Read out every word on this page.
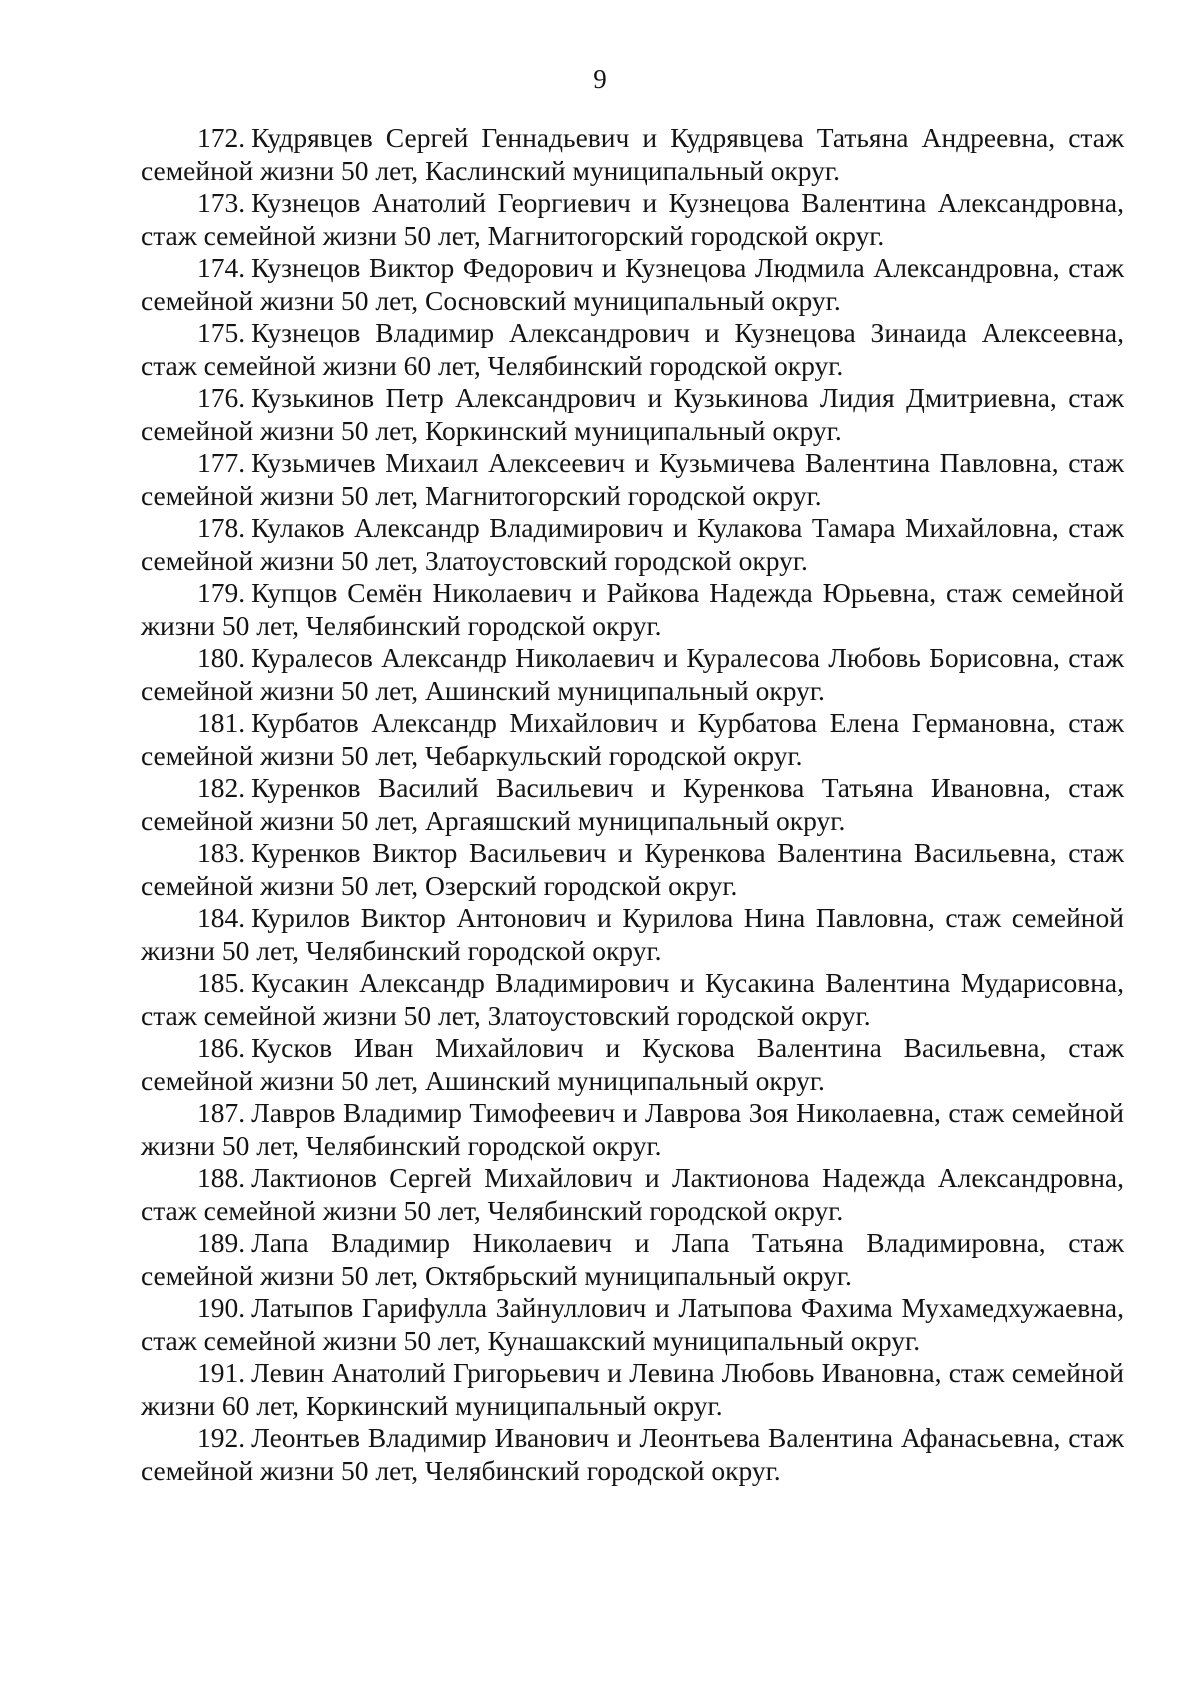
9
172. Кудрявцев Сергей Геннадьевич и Кудрявцева Татьяна Андреевна, стаж семейной жизни 50 лет, Каслинский муниципальный округ.
173. Кузнецов Анатолий Георгиевич и Кузнецова Валентина Александровна, стаж семейной жизни 50 лет, Магнитогорский городской округ.
174. Кузнецов Виктор Федорович и Кузнецова Людмила Александровна, стаж семейной жизни 50 лет, Сосновский муниципальный округ.
175. Кузнецов Владимир Александрович и Кузнецова Зинаида Алексеевна, стаж семейной жизни 60 лет, Челябинский городской округ.
176. Кузькинов Петр Александрович и Кузькинова Лидия Дмитриевна, стаж семейной жизни 50 лет, Коркинский муниципальный округ.
177. Кузьмичев Михаил Алексеевич и Кузьмичева Валентина Павловна, стаж семейной жизни 50 лет, Магнитогорский городской округ.
178. Кулаков Александр Владимирович и Кулакова Тамара Михайловна, стаж семейной жизни 50 лет, Златоустовский городской округ.
179. Купцов Семён Николаевич и Райкова Надежда Юрьевна, стаж семейной жизни 50 лет, Челябинский городской округ.
180. Куралесов Александр Николаевич и Куралесова Любовь Борисовна, стаж семейной жизни 50 лет, Ашинский муниципальный округ.
181. Курбатов Александр Михайлович и Курбатова Елена Германовна, стаж семейной жизни 50 лет, Чебаркульский городской округ.
182. Куренков Василий Васильевич и Куренкова Татьяна Ивановна, стаж семейной жизни 50 лет, Аргаяшский муниципальный округ.
183. Куренков Виктор Васильевич и Куренкова Валентина Васильевна, стаж семейной жизни 50 лет, Озерский городской округ.
184. Курилов Виктор Антонович и Курилова Нина Павловна, стаж семейной жизни 50 лет, Челябинский городской округ.
185. Кусакин Александр Владимирович и Кусакина Валентина Мударисовна, стаж семейной жизни 50 лет, Златоустовский городской округ.
186. Кусков Иван Михайлович и Кускова Валентина Васильевна, стаж семейной жизни 50 лет, Ашинский муниципальный округ.
187. Лавров Владимир Тимофеевич и Лаврова Зоя Николаевна, стаж семейной жизни 50 лет, Челябинский городской округ.
188. Лактионов Сергей Михайлович и Лактионова Надежда Александровна, стаж семейной жизни 50 лет, Челябинский городской округ.
189. Лапа Владимир Николаевич и Лапа Татьяна Владимировна, стаж семейной жизни 50 лет, Октябрьский муниципальный округ.
190. Латыпов Гарифулла Зайнуллович и Латыпова Фахима Мухамедхужаевна, стаж семейной жизни 50 лет, Кунашакский муниципальный округ.
191. Левин Анатолий Григорьевич и Левина Любовь Ивановна, стаж семейной жизни 60 лет, Коркинский муниципальный округ.
192. Леонтьев Владимир Иванович и Леонтьева Валентина Афанасьевна, стаж семейной жизни 50 лет, Челябинский городской округ.
